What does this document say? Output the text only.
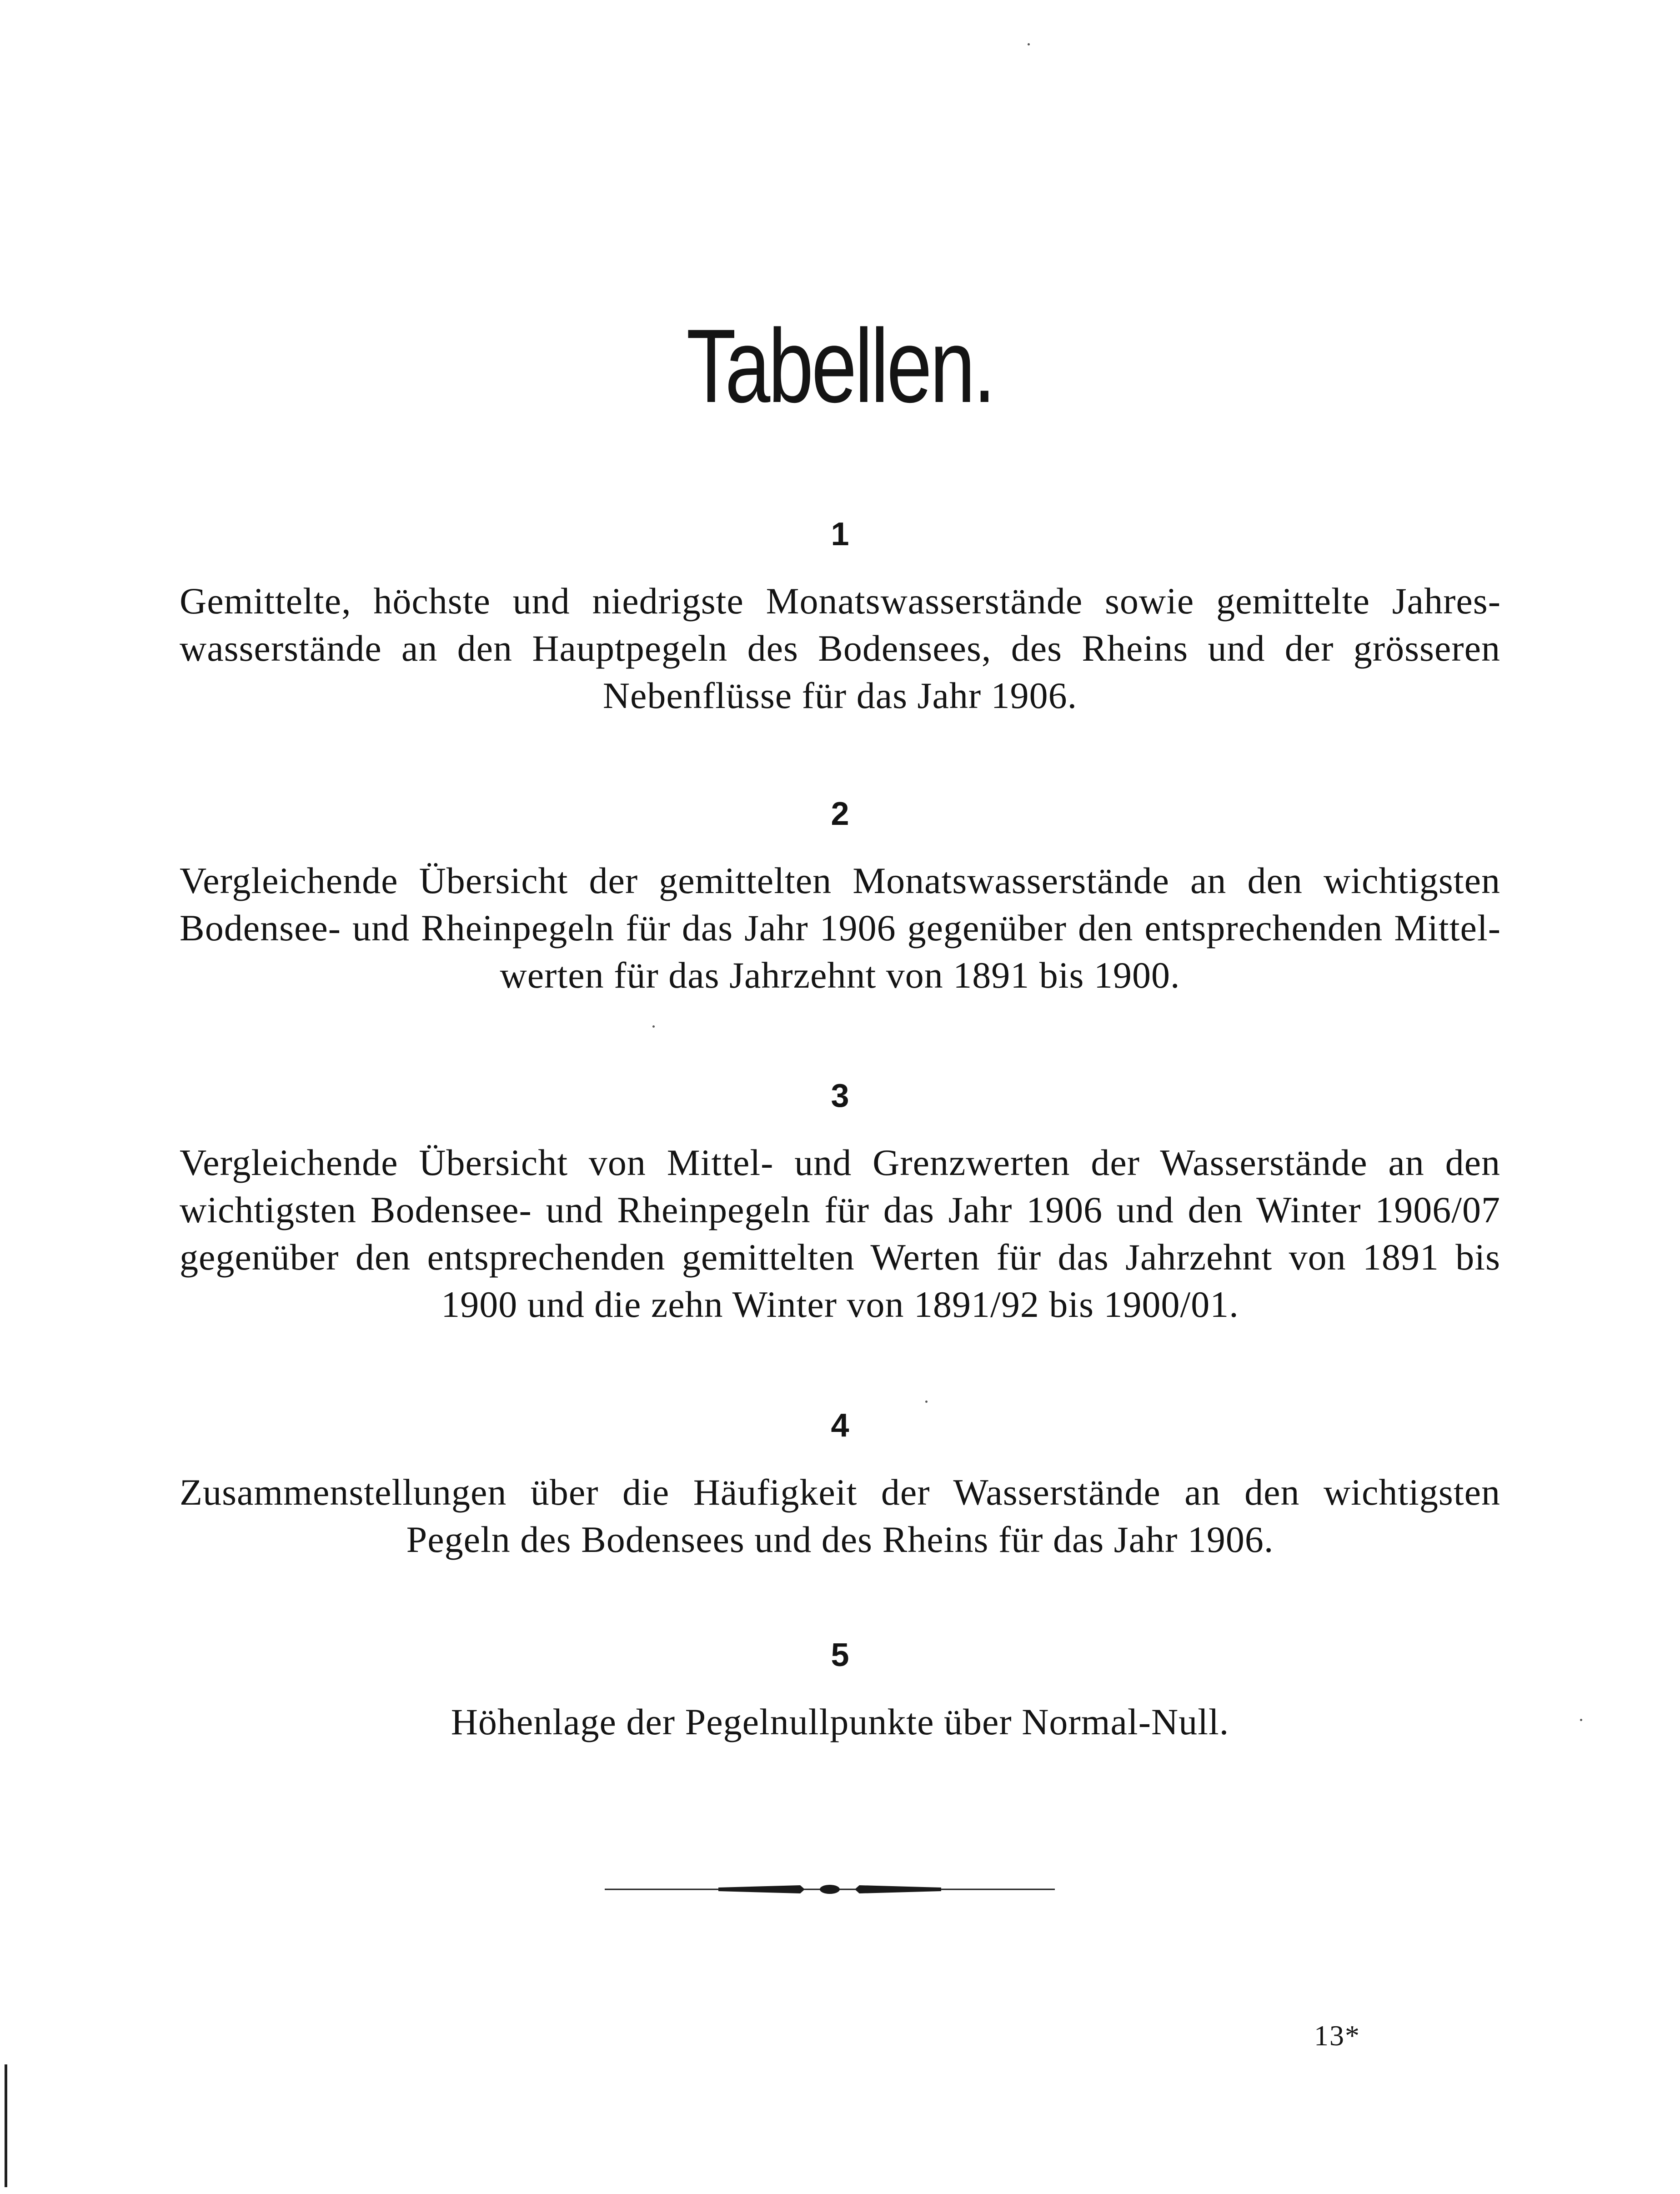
Tabellen.
1
Gemittelte, höchste und niedrigste Monatswasserstände sowie gemittelte Jahreswasserstände an den Hauptpegeln des Bodensees, des Rheins und der grösseren Nebenflüsse für das Jahr 1906.
2
Vergleichende Übersicht der gemittelten Monatswasserstände an den wichtigsten Bodensee- und Rheinpegeln für das Jahr 1906 gegenüber den entsprechenden Mittelwerten für das Jahrzehnt von 1891 bis 1900.
3
Vergleichende Übersicht von Mittel- und Grenzwerten der Wasserstände an den wichtigsten Bodensee- und Rheinpegeln für das Jahr 1906 und den Winter 1906/07 gegenüber den entsprechenden gemittelten Werten für das Jahrzehnt von 1891 bis 1900 und die zehn Winter von 1891/92 bis 1900/01.
4
Zusammenstellungen über die Häufigkeit der Wasserstände an den wichtigsten Pegeln des Bodensees und des Rheins für das Jahr 1906.
5
Höhenlage der Pegelnullpunkte über Normal-Null.
13*
